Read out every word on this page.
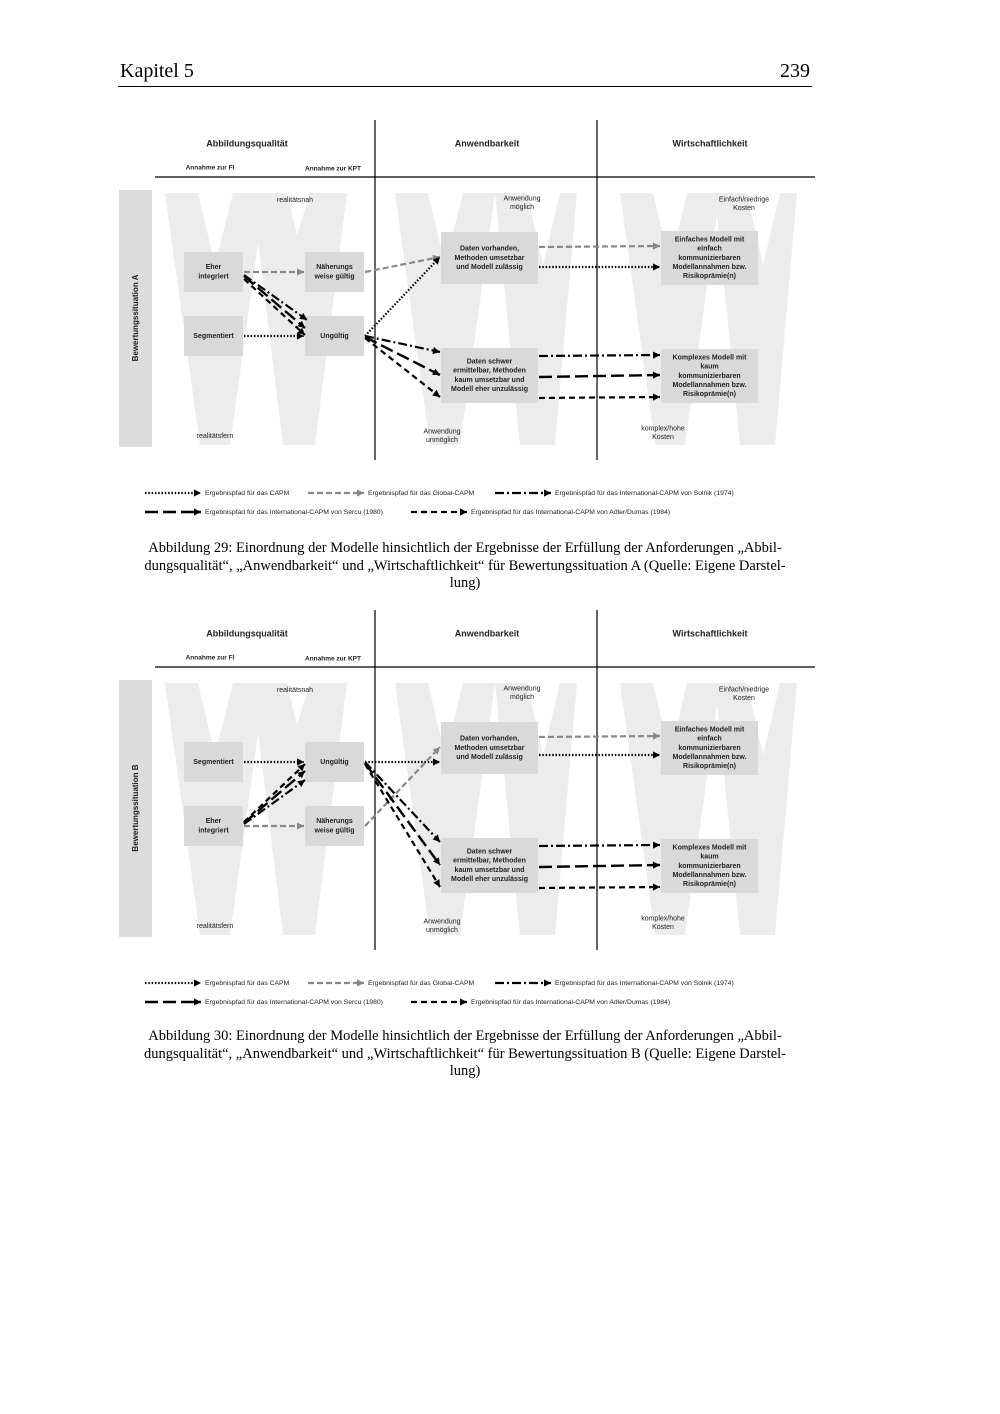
Kapitel 5	239
Bewertungssituation A
Abbildungsqualität	Anwendbarkeit	Wirtschaftlichkeit
Annahme zur FI	Annahme zur KPT
realitätsnah
realitätsfern
Anwendung
möglich
Anwendung
unmöglich
Einfach/niedrige
Kosten
komplex/hohe
Kosten
Eher
integriert
Segmentiert
Näherungs
weise gültig
Ungültig
Daten vorhanden,
Methoden umsetzbar
und Modell zulässig
Daten schwer
ermittelbar, Methoden
kaum umsetzbar und
Modell eher unzulässig
Einfaches Modell mit
einfach
kommunizierbaren
Modellannahmen bzw.
Risikoprämie(n)
Komplexes Modell mit
kaum
kommunizierbaren
Modellannahmen bzw.
Risikoprämie(n)
Ergebnispfad für das CAPM	Ergebnispfad für das Global-CAPM	Ergebnispfad für das International-CAPM von Solnik (1974)
Ergebnispfad für das International-CAPM von Sercu (1980)	Ergebnispfad für das International-CAPM von Adler/Dumas (1984)
Abbildung 29: Einordnung der Modelle hinsichtlich der Ergebnisse der Erfüllung der Anforderungen „Abbil-
dungsqualität“, „Anwendbarkeit“ und „Wirtschaftlichkeit“ für Bewertungssituation A (Quelle: Eigene Darstel-
lung)
Bewertungssituation B
Abbildungsqualität	Anwendbarkeit	Wirtschaftlichkeit
Annahme zur FI	Annahme zur KPT
realitätsnah
realitätsfern
Anwendung
möglich
Anwendung
unmöglich
Einfach/niedrige
Kosten
komplex/hohe
Kosten
Segmentiert
Eher
integriert
Ungültig
Näherungs
weise gültig
Daten vorhanden,
Methoden umsetzbar
und Modell zulässig
Daten schwer
ermittelbar, Methoden
kaum umsetzbar und
Modell eher unzulässig
Einfaches Modell mit
einfach
kommunizierbaren
Modellannahmen bzw.
Risikoprämie(n)
Komplexes Modell mit
kaum
kommunizierbaren
Modellannahmen bzw.
Risikoprämie(n)
Ergebnispfad für das CAPM	Ergebnispfad für das Global-CAPM	Ergebnispfad für das International-CAPM von Solnik (1974)
Ergebnispfad für das International-CAPM von Sercu (1980)	Ergebnispfad für das International-CAPM von Adler/Dumas (1984)
Abbildung 30: Einordnung der Modelle hinsichtlich der Ergebnisse der Erfüllung der Anforderungen „Abbil-
dungsqualität“, „Anwendbarkeit“ und „Wirtschaftlichkeit“ für Bewertungssituation B (Quelle: Eigene Darstel-
lung)
